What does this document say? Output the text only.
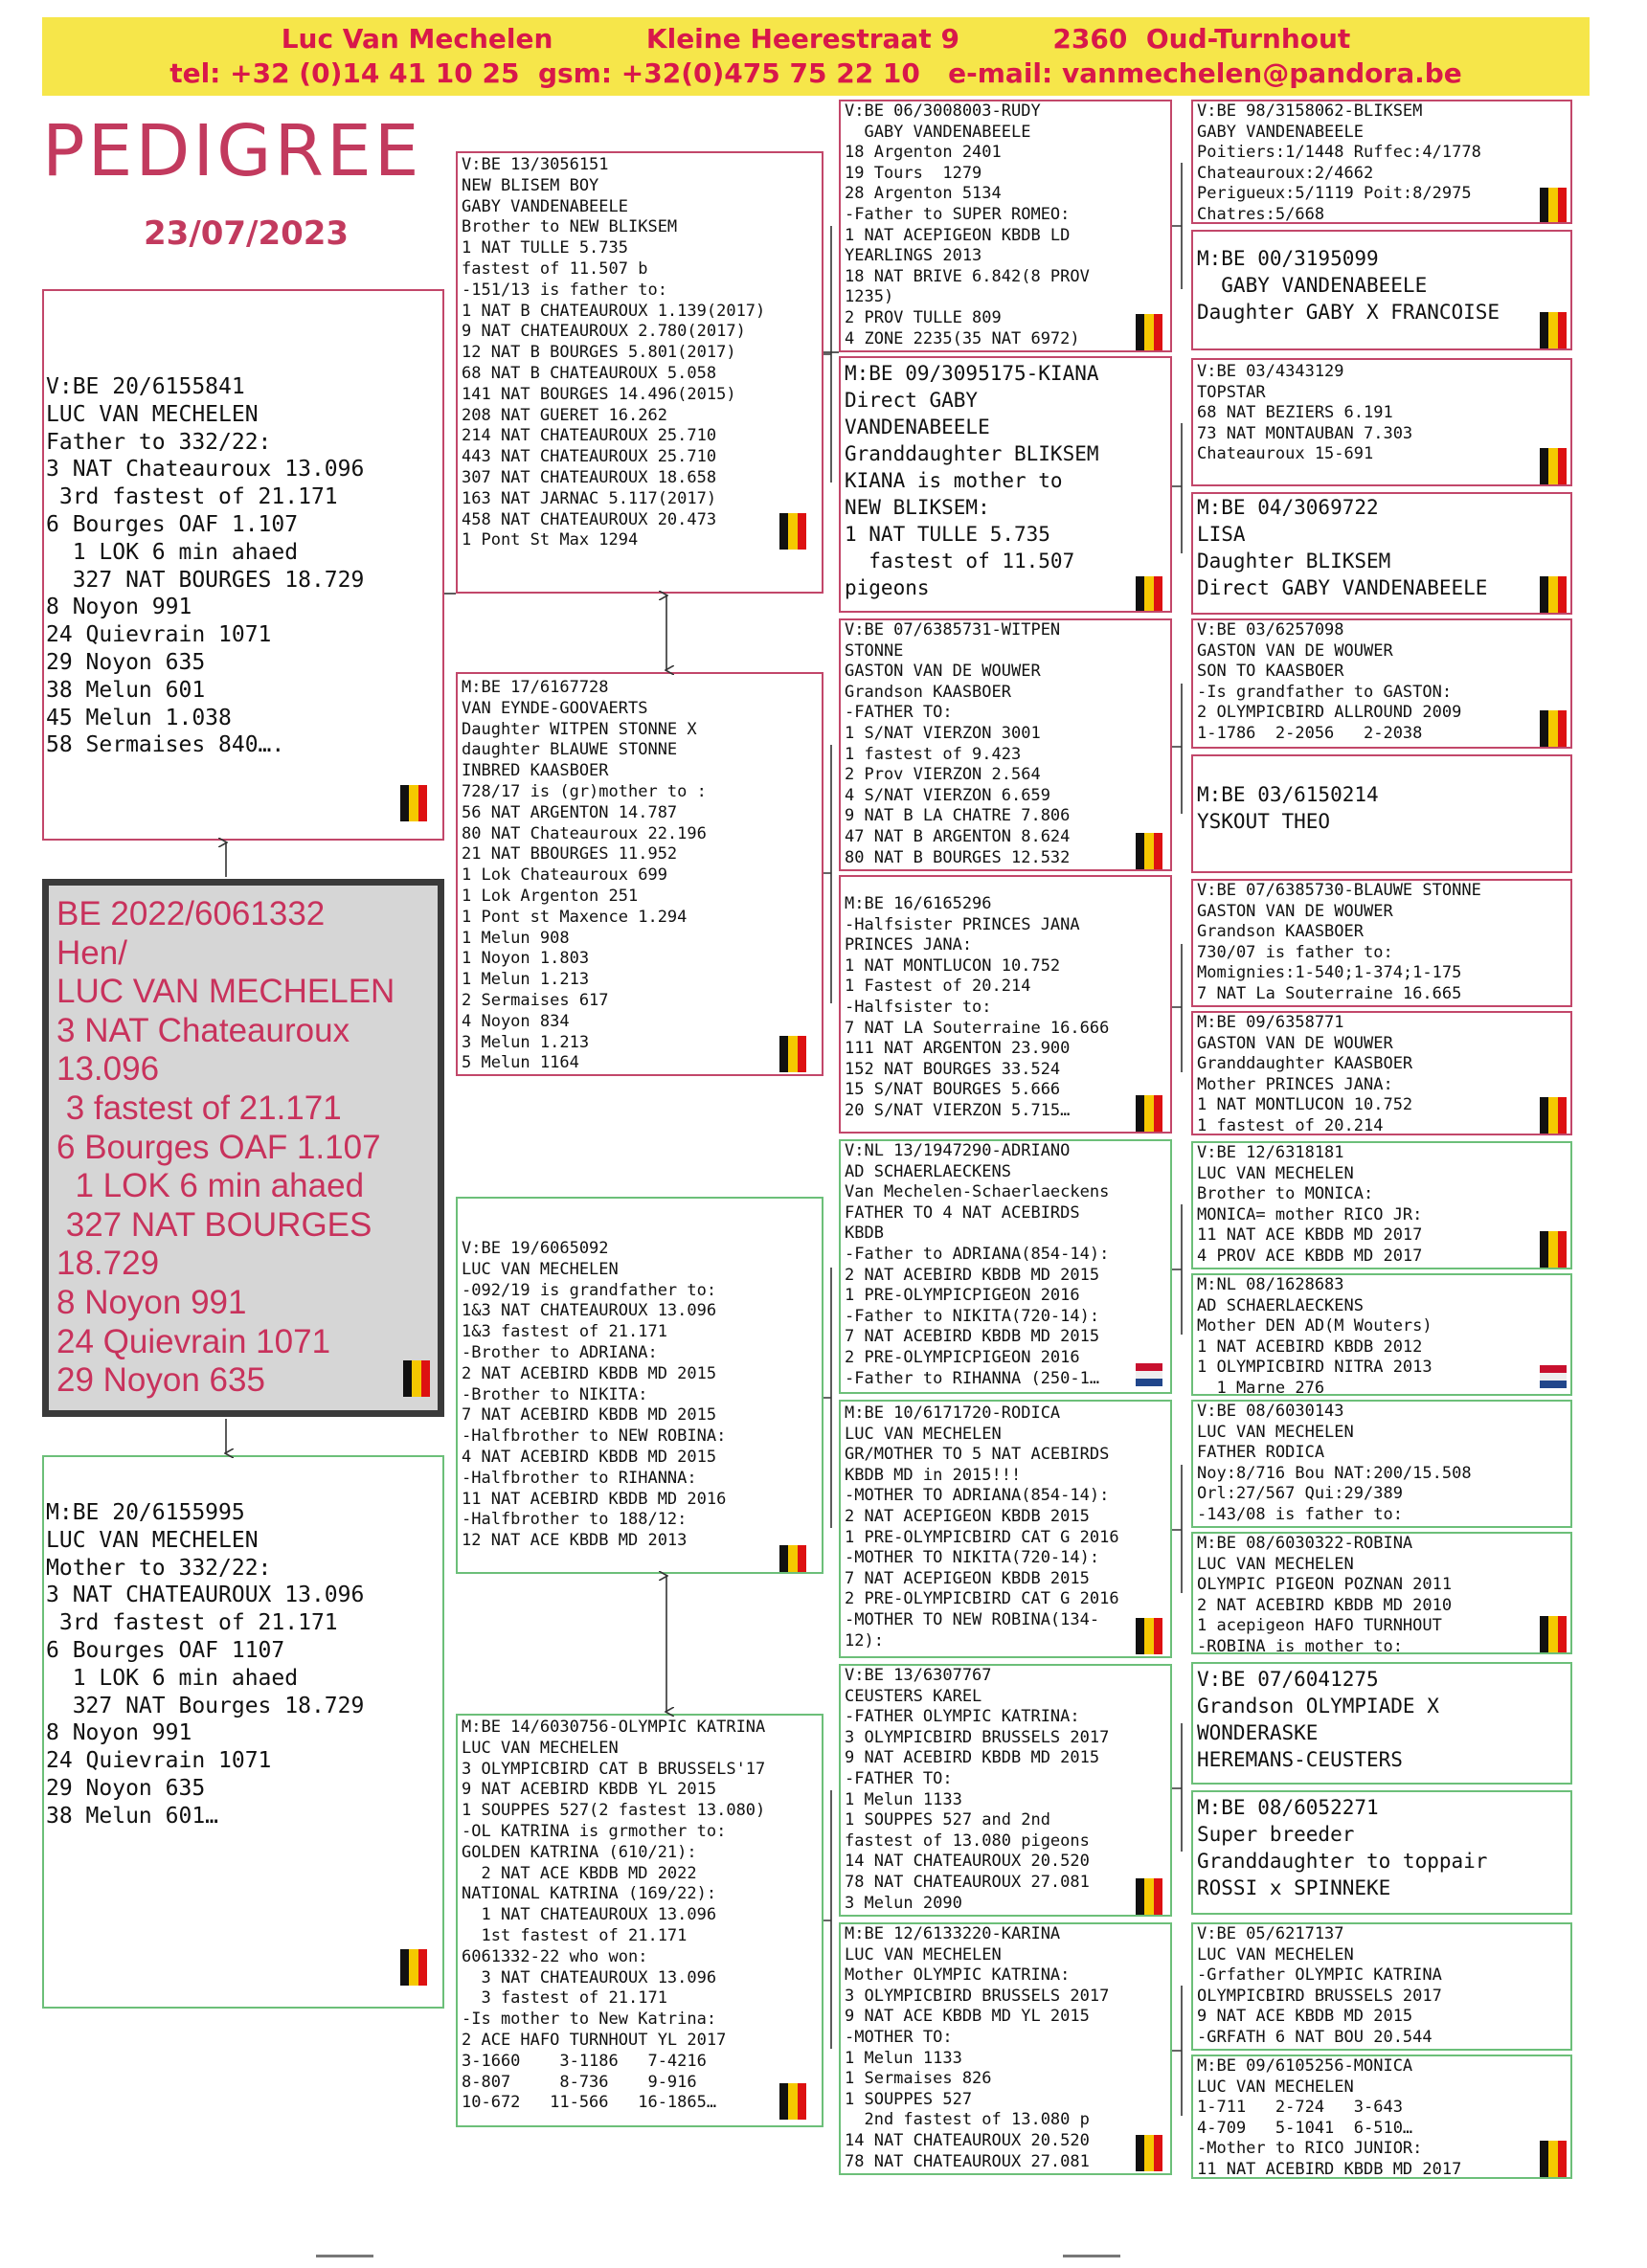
Luc Van Mechelen          Kleine Heerestraat 9          2360  Oud-Turnhout
tel: +32 (0)14 41 10 25  gsm: +32(0)475 75 22 10   e-mail: vanmechelen@pandora.be
PEDIGREE
23/07/2023
BE 2022/6061332
Hen/
LUC VAN MECHELEN
3 NAT Chateauroux
13.096
3 fastest of 21.171
6 Bourges OAF 1.107
1 LOK 6 min ahaed
327 NAT BOURGES
18.729
8 Noyon 991
24 Quievrain 1071
29 Noyon 635
V:BE 20/6155841
LUC VAN MECHELEN
Father to 332/22:
3 NAT Chateauroux 13.096
3rd fastest of 21.171
6 Bourges OAF 1.107
1 LOK 6 min ahaed
327 NAT BOURGES 18.729
8 Noyon 991
24 Quievrain 1071
29 Noyon 635
38 Melun 601
45 Melun 1.038
58 Sermaises 840….
M:BE 20/6155995
LUC VAN MECHELEN
Mother to 332/22:
3 NAT CHATEAUROUX 13.096
3rd fastest of 21.171
6 Bourges OAF 1107
1 LOK 6 min ahaed
327 NAT Bourges 18.729
8 Noyon 991
24 Quievrain 1071
29 Noyon 635
38 Melun 601…
V:BE 13/3056151
NEW BLISEM BOY
GABY VANDENABEELE
Brother to NEW BLIKSEM
1 NAT TULLE 5.735
fastest of 11.507 b
-151/13 is father to:
1 NAT B CHATEAUROUX 1.139(2017)
9 NAT CHATEAUROUX 2.780(2017)
12 NAT B BOURGES 5.801(2017)
68 NAT B CHATEAUROUX 5.058
141 NAT BOURGES 14.496(2015)
208 NAT GUERET 16.262
214 NAT CHATEAUROUX 25.710
443 NAT CHATEAUROUX 25.710
307 NAT CHATEAUROUX 18.658
163 NAT JARNAC 5.117(2017)
458 NAT CHATEAUROUX 20.473
1 Pont St Max 1294
M:BE 17/6167728
VAN EYNDE-GOOVAERTS
Daughter WITPEN STONNE X
daughter BLAUWE STONNE
INBRED KAASBOER
728/17 is (gr)mother to :
56 NAT ARGENTON 14.787
80 NAT Chateauroux 22.196
21 NAT BBOURGES 11.952
1 Lok Chateauroux 699
1 Lok Argenton 251
1 Pont st Maxence 1.294
1 Melun 908
1 Noyon 1.803
1 Melun 1.213
2 Sermaises 617
4 Noyon 834
3 Melun 1.213
5 Melun 1164
V:BE 19/6065092
LUC VAN MECHELEN
-092/19 is grandfather to:
1&3 NAT CHATEAUROUX 13.096
1&3 fastest of 21.171
-Brother to ADRIANA:
2 NAT ACEBIRD KBDB MD 2015
-Brother to NIKITA:
7 NAT ACEBIRD KBDB MD 2015
-Halfbrother to NEW ROBINA:
4 NAT ACEBIRD KBDB MD 2015
-Halfbrother to RIHANNA:
11 NAT ACEBIRD KBDB MD 2016
-Halfbrother to 188/12:
12 NAT ACE KBDB MD 2013
M:BE 14/6030756-OLYMPIC KATRINA
LUC VAN MECHELEN
3 OLYMPICBIRD CAT B BRUSSELS'17
9 NAT ACEBIRD KBDB YL 2015
1 SOUPPES 527(2 fastest 13.080)
-OL KATRINA is grmother to:
GOLDEN KATRINA (610/21):
2 NAT ACE KBDB MD 2022
NATIONAL KATRINA (169/22):
1 NAT CHATEAUROUX 13.096
1st fastest of 21.171
6061332-22 who won:
3 NAT CHATEAUROUX 13.096
3 fastest of 21.171
-Is mother to New Katrina:
2 ACE HAFO TURNHOUT YL 2017
3-1660    3-1186   7-4216
8-807     8-736    9-916
10-672   11-566   16-1865…
V:BE 06/3008003-RUDY
GABY VANDENABEELE
18 Argenton 2401
19 Tours  1279
28 Argenton 5134
-Father to SUPER ROMEO:
1 NAT ACEPIGEON KBDB LD
YEARLINGS 2013
18 NAT BRIVE 6.842(8 PROV
1235)
2 PROV TULLE 809
4 ZONE 2235(35 NAT 6972)
M:BE 09/3095175-KIANA
Direct GABY
VANDENABEELE
Granddaughter BLIKSEM
KIANA is mother to
NEW BLIKSEM:
1 NAT TULLE 5.735
fastest of 11.507
pigeons
V:BE 07/6385731-WITPEN
STONNE
GASTON VAN DE WOUWER
Grandson KAASBOER
-FATHER TO:
1 S/NAT VIERZON 3001
1 fastest of 9.423
2 Prov VIERZON 2.564
4 S/NAT VIERZON 6.659
9 NAT B LA CHATRE 7.806
47 NAT B ARGENTON 8.624
80 NAT B BOURGES 12.532
M:BE 16/6165296
-Halfsister PRINCES JANA
PRINCES JANA:
1 NAT MONTLUCON 10.752
1 Fastest of 20.214
-Halfsister to:
7 NAT LA Souterraine 16.666
111 NAT ARGENTON 23.900
152 NAT BOURGES 33.524
15 S/NAT BOURGES 5.666
20 S/NAT VIERZON 5.715…
V:NL 13/1947290-ADRIANO
AD SCHAERLAECKENS
Van Mechelen-Schaerlaeckens
FATHER TO 4 NAT ACEBIRDS
KBDB
-Father to ADRIANA(854-14):
2 NAT ACEBIRD KBDB MD 2015
1 PRE-OLYMPICPIGEON 2016
-Father to NIKITA(720-14):
7 NAT ACEBIRD KBDB MD 2015
2 PRE-OLYMPICPIGEON 2016
-Father to RIHANNA (250-1…
M:BE 10/6171720-RODICA
LUC VAN MECHELEN
GR/MOTHER TO 5 NAT ACEBIRDS
KBDB MD in 2015!!!
-MOTHER TO ADRIANA(854-14):
2 NAT ACEPIGEON KBDB 2015
1 PRE-OLYMPICBIRD CAT G 2016
-MOTHER TO NIKITA(720-14):
7 NAT ACEPIGEON KBDB 2015
2 PRE-OLYMPICBIRD CAT G 2016
-MOTHER TO NEW ROBINA(134-
12):
V:BE 13/6307767
CEUSTERS KAREL
-FATHER OLYMPIC KATRINA:
3 OLYMPICBIRD BRUSSELS 2017
9 NAT ACEBIRD KBDB MD 2015
-FATHER TO:
1 Melun 1133
1 SOUPPES 527 and 2nd
fastest of 13.080 pigeons
14 NAT CHATEAUROUX 20.520
78 NAT CHATEAUROUX 27.081
3 Melun 2090
M:BE 12/6133220-KARINA
LUC VAN MECHELEN
Mother OLYMPIC KATRINA:
3 OLYMPICBIRD BRUSSELS 2017
9 NAT ACE KBDB MD YL 2015
-MOTHER TO:
1 Melun 1133
1 Sermaises 826
1 SOUPPES 527
2nd fastest of 13.080 p
14 NAT CHATEAUROUX 20.520
78 NAT CHATEAUROUX 27.081
V:BE 98/3158062-BLIKSEM
GABY VANDENABEELE
Poitiers:1/1448 Ruffec:4/1778
Chateauroux:2/4662
Perigueux:5/1119 Poit:8/2975
Chatres:5/668
M:BE 00/3195099
GABY VANDENABEELE
Daughter GABY X FRANCOISE
V:BE 03/4343129
TOPSTAR
68 NAT BEZIERS 6.191
73 NAT MONTAUBAN 7.303
Chateauroux 15-691
M:BE 04/3069722
LISA
Daughter BLIKSEM
Direct GABY VANDENABEELE
V:BE 03/6257098
GASTON VAN DE WOUWER
SON TO KAASBOER
-Is grandfather to GASTON:
2 OLYMPICBIRD ALLROUND 2009
1-1786  2-2056   2-2038
M:BE 03/6150214
YSKOUT THEO
V:BE 07/6385730-BLAUWE STONNE
GASTON VAN DE WOUWER
Grandson KAASBOER
730/07 is father to:
Momignies:1-540;1-374;1-175
7 NAT La Souterraine 16.665
M:BE 09/6358771
GASTON VAN DE WOUWER
Granddaughter KAASBOER
Mother PRINCES JANA:
1 NAT MONTLUCON 10.752
1 fastest of 20.214
V:BE 12/6318181
LUC VAN MECHELEN
Brother to MONICA:
MONICA= mother RICO JR:
11 NAT ACE KBDB MD 2017
4 PROV ACE KBDB MD 2017
M:NL 08/1628683
AD SCHAERLAECKENS
Mother DEN AD(M Wouters)
1 NAT ACEBIRD KBDB 2012
1 OLYMPICBIRD NITRA 2013
1 Marne 276
V:BE 08/6030143
LUC VAN MECHELEN
FATHER RODICA
Noy:8/716 Bou NAT:200/15.508
Orl:27/567 Qui:29/389
-143/08 is father to:
M:BE 08/6030322-ROBINA
LUC VAN MECHELEN
OLYMPIC PIGEON POZNAN 2011
2 NAT ACEBIRD KBDB MD 2010
1 acepigeon HAFO TURNHOUT
-ROBINA is mother to:
V:BE 07/6041275
Grandson OLYMPIADE X
WONDERASKE
HEREMANS-CEUSTERS
M:BE 08/6052271
Super breeder
Granddaughter to toppair
ROSSI x SPINNEKE
V:BE 05/6217137
LUC VAN MECHELEN
-Grfather OLYMPIC KATRINA
OLYMPICBIRD BRUSSELS 2017
9 NAT ACE KBDB MD 2015
-GRFATH 6 NAT BOU 20.544
M:BE 09/6105256-MONICA
LUC VAN MECHELEN
1-711   2-724   3-643
4-709   5-1041  6-510…
-Mother to RICO JUNIOR:
11 NAT ACEBIRD KBDB MD 2017
